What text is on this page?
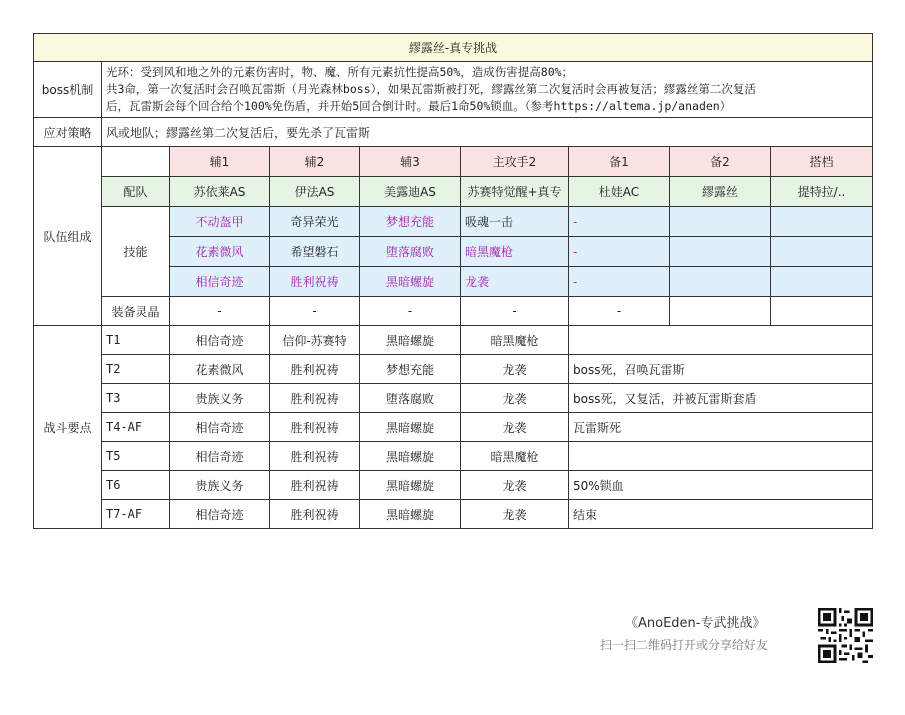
繆露丝-真专挑战								
boss机制	光环：受到风和地之外的元素伤害时，物、魔、所有元素抗性提高50%，造成伤害提高80%；
共3命，第一次复活时会召唤瓦雷斯（月光森林boss），如果瓦雷斯被打死，繆露丝第二次复活时会再被复活；繆露丝第二次复活
后，瓦雷斯会每个回合给个100%免伤盾，并开始5回合倒计时。最后1命50%锁血。（参考https://altema.jp/anaden）							

应对策略	风或地队；繆露丝第二次复活后，要先杀了瓦雷斯							
队伍组成		辅1	辅2	辅3	主攻手2	备1	备2	搭档
	配队	苏依莱AS	伊法AS	美露迪AS	苏赛特觉醒+真专	杜娃AC	繆露丝	提特拉/..
	技能	不动盔甲	奇异荣光	梦想充能	吸魂一击	-		
		花素微风	希望磐石	堕落腐败	暗黑魔枪	-		
		相信奇迹	胜利祝祷	黑暗螺旋	龙袭	-		
	装备灵晶	-	-	-	-	-		
战斗要点	T1	相信奇迹	信仰-苏赛特	黑暗螺旋	暗黑魔枪			
	T2	花素微风	胜利祝祷	梦想充能	龙袭	boss死，召唤瓦雷斯		
	T3	贵族义务	胜利祝祷	堕落腐败	龙袭	boss死，又复活，并被瓦雷斯套盾		
	T4-AF	相信奇迹	胜利祝祷	黑暗螺旋	龙袭	瓦雷斯死		
	T5	相信奇迹	胜利祝祷	黑暗螺旋	暗黑魔枪			
	T6	贵族义务	胜利祝祷	黑暗螺旋	龙袭	50%锁血		
	T7-AF	相信奇迹	胜利祝祷	黑暗螺旋	龙袭	结束		
《AnoEden-专武挑战》
扫一扫二维码打开或分享给好友
